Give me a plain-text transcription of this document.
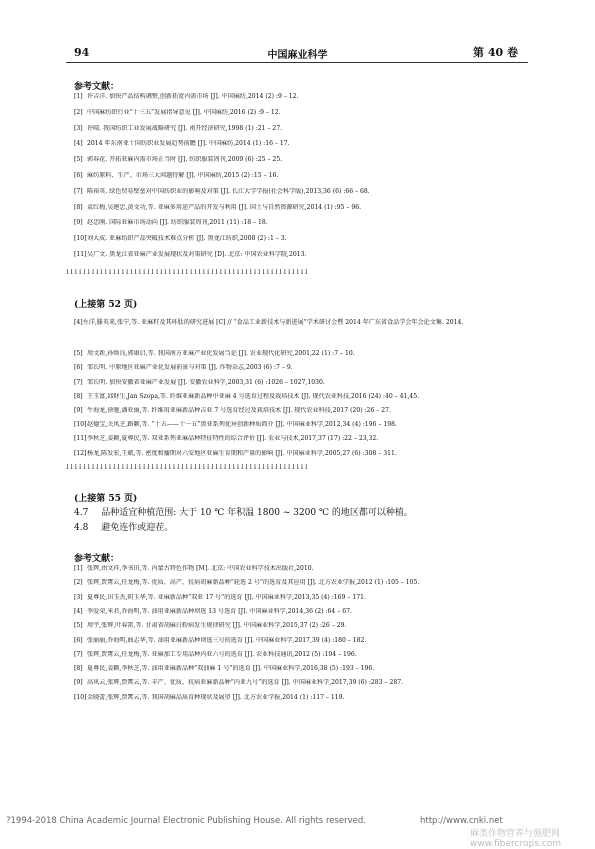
94	中国麻业科学	第 40 卷
参考文献：
[1] 许吉洋. 加快产品结构调整,创新拓宽内需市场 [J]. 中国麻纺,2014 (2) :9 – 12.
[2] 中国麻纺织行业“十三五”发展指导意见 [J]. 中国麻纺,2016 (2) :9 – 12.
[3] 许晴. 我国纺织工业发展战略研究 [J]. 南开经济研究,1998 (1) :21 – 27.
[4] 2014 年东南亚十国纺织业发展趋势前瞻 [J]. 中国麻纺,2014 (1) :16 – 17.
[5] 郭春花. 开拓亚麻内需市场正当时 [J]. 纺织服装周刊,2009 (6) :25 – 25.
[6] 麻纺原料、生产、市场三大问题待解 [J]. 中国麻纺,2015 (2) :15 – 16.
[7] 陈裕英. 绿色贸易壁垒对中国纺织业的影响及对策 [J]. 长江大学学报(社会科学版),2013,36 (6) :66 – 68.
[8] 袁红梅,吴建忠,黄文功,等. 亚麻多用途产品的开发与利用 [J]. 国土与自然资源研究,2014 (1) :95 – 96.
[9] 赵忠刚. 国际亚麻市场动向 [J]. 纺织服装周刊,2011 (11) :18 – 18.
[10]刘大成. 亚麻纺织产品突破技术难点分析 [J]. 黑龙江纺织,2008 (2) :1 – 3.
[11]吴广文. 黑龙江省亚麻产业发展现状及对策研究 [D]. 北京: 中国农业科学院,2013.
ꟾꟾꟾꟾꟾꟾꟾꟾꟾꟾꟾꟾꟾꟾꟾꟾꟾꟾꟾꟾꟾꟾꟾꟾꟾꟾꟾꟾꟾꟾꟾꟾꟾꟾꟾꟾꟾꟾꟾꟾꟾꟾꟾꟾꟾꟾꟾꟾꟾꟾꟾꟾꟾꟾꟾꟾꟾ
(上接第 52 页)
[4]左洋,滕英来,张宁,等. 亚麻籽及其环肽的研究进展 [C] // “食品工业新技术与新进展”学术研讨会暨 2014 年广东省食品学会年会论文集. 2014.
[5] 周文新,孙焕良,郭康启,等. 我国南方亚麻产业化发展刍论 [J]. 农业现代化研究,2001,22 (1) :7 – 10.
[6] 邹长明. 中原地区亚麻产业化发展前景与对策 [J]. 作物杂志,2003 (6) :7 – 9.
[7] 邹长明. 加快安徽省亚麻产业发展 [J]. 安徽农业科学,2003,31 (6) :1026 – 1027,1030.
[8] 王玉富,邱财生,Jan Szopa,等. 纤维亚麻新品种中亚麻 4 号选育过程及栽培技术 [J]. 现代农业科技,2016 (24) :40 – 41,45.
[9] 牛海龙,徐驰,潘亚丽,等. 纤维用亚麻新品种吉亚 7 号选育经过及栽培技术 [J]. 现代农业科技,2017 (20) :26 – 27.
[10]赵德宝,关凤芝,路颖,等. “十五——十一五”黑亚系列优异创新种质简介 [J]. 中国麻业科学,2012,34 (4) :196 – 198.
[11]李秋芝,姜颖,夏尊民,等. 双亚系列亚麻品种特征特性的综合评价 [J]. 农业与技术,2017,37 (17) :22 – 23,32.
[12]杨龙,陈发宏,王斌,等. 密度和播期对六安地区亚麻生育期和产量的影响 [J]. 中国麻业科学,2005,27 (6) :308 – 311.
ꟾꟾꟾꟾꟾꟾꟾꟾꟾꟾꟾꟾꟾꟾꟾꟾꟾꟾꟾꟾꟾꟾꟾꟾꟾꟾꟾꟾꟾꟾꟾꟾꟾꟾꟾꟾꟾꟾꟾꟾꟾꟾꟾꟾꟾꟾꟾꟾꟾꟾꟾꟾꟾꟾꟾꟾꟾ
(上接第 55 页)
4.7 品种适宜种植范围: 大于 10 ℃ 年积温 1800 ~ 3200 ℃ 的地区都可以种植。
4.8 避免连作或迎茬。
参考文献：
[1] 张辉,由文祥,李书田,等. 内蒙古特色作物 [M]. 北京: 中国农业科学技术出版社,2010.
[2] 张辉,贾霄云,任龙梅,等. 优质、高产、抗病胡麻新品种“轮选 2 号”的选育及其应用 [J]. 北方农业学报,2012 (1) :105 – 105.
[3] 夏尊民,田玉杰,阴玉华,等. 亚麻新品种“双亚 17 号”的选育 [J]. 中国麻业科学,2013,35 (4) :169 – 171.
[4] 李爱荣,米君,乔海明,等. 油用亚麻新品种坝选 13 号选育 [J]. 中国麻业科学,2014,36 (2) :64 – 67.
[5] 周宇,张辉,叶春雷,等. 甘肃省胡麻白粉病发生规律研究 [J]. 中国麻业科学,2015,37 (2) :26 – 29.
[6] 张丽丽,乔海明,曲志华,等. 油用亚麻新品种坝选三号的选育 [J]. 中国麻业科学,2017,39 (4) :180 – 182.
[7] 张辉,贾霄云,任龙梅,等. 亚麻加工专用品种内亚六号的选育 [J]. 农业科技通讯,2012 (5) :194 – 196.
[8] 夏尊民,姜颖,李秋芝,等. 油用亚麻新品种“双油麻 1 号”的选育 [J]. 中国麻业科学,2016,38 (5) :193 – 196.
[9] 高风云,张辉,贾霄云,等. 丰产、优质、抗病亚麻新品种“内亚九号”的选育 [J]. 中国麻业科学,2017,39 (6) :283 – 287.
[10]金晓蕾,张辉,贾霄云,等. 我国胡麻品质育种现状及展望 [J]. 北方农业学报,2014 (1) :117 – 119.
?1994-2018 China Academic Journal Electronic Publishing House. All rights reserved.	http://www.cnki.net
麻类作物营养与施肥网 www.fibercrops.com
